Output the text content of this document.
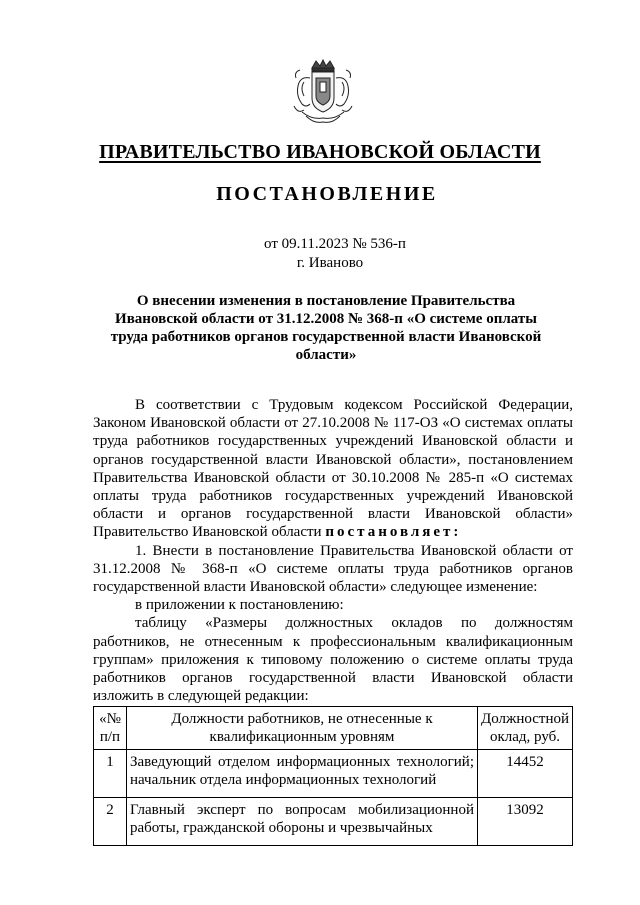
ПРАВИТЕЛЬСТВО ИВАНОВСКОЙ ОБЛАСТИ
ПОСТАНОВЛЕНИЕ
от 09.11.2023 № 536-п
г. Иваново
О внесении изменения в постановление Правительства Ивановской области от 31.12.2008 № 368-п «О системе оплаты труда работников органов государственной власти Ивановской области»

В соответствии с Трудовым кодексом Российской Федерации, Законом Ивановской области от 27.10.2008 № 117-ОЗ «О системах оплаты труда работников государственных учреждений Ивановской области и органов государственной власти Ивановской области», постановлением Правительства Ивановской области от 30.10.2008 № 285-п «О системах оплаты труда работников государственных учреждений Ивановской области и органов государственной власти Ивановской области» Правительство Ивановской области постановляет:

1. Внести в постановление Правительства Ивановской области от 31.12.2008 № 368-п «О системе оплаты труда работников органов государственной власти Ивановской области» следующее изменение:

в приложении к постановлению:

таблицу «Размеры должностных окладов по должностям работников, не отнесенным к профессиональным квалификационным группам» приложения к типовому положению о системе оплаты труда работников органов государственной власти Ивановской области изложить в следующей редакции:

«№ п/п	Должности работников, не отнесенные к квалификационным уровням	Должностной оклад, руб.
1	Заведующий отделом информационных технологий; начальник отдела информационных технологий	14452
2	Главный эксперт по вопросам мобилизационной работы, гражданской обороны и чрезвычайных	13092
